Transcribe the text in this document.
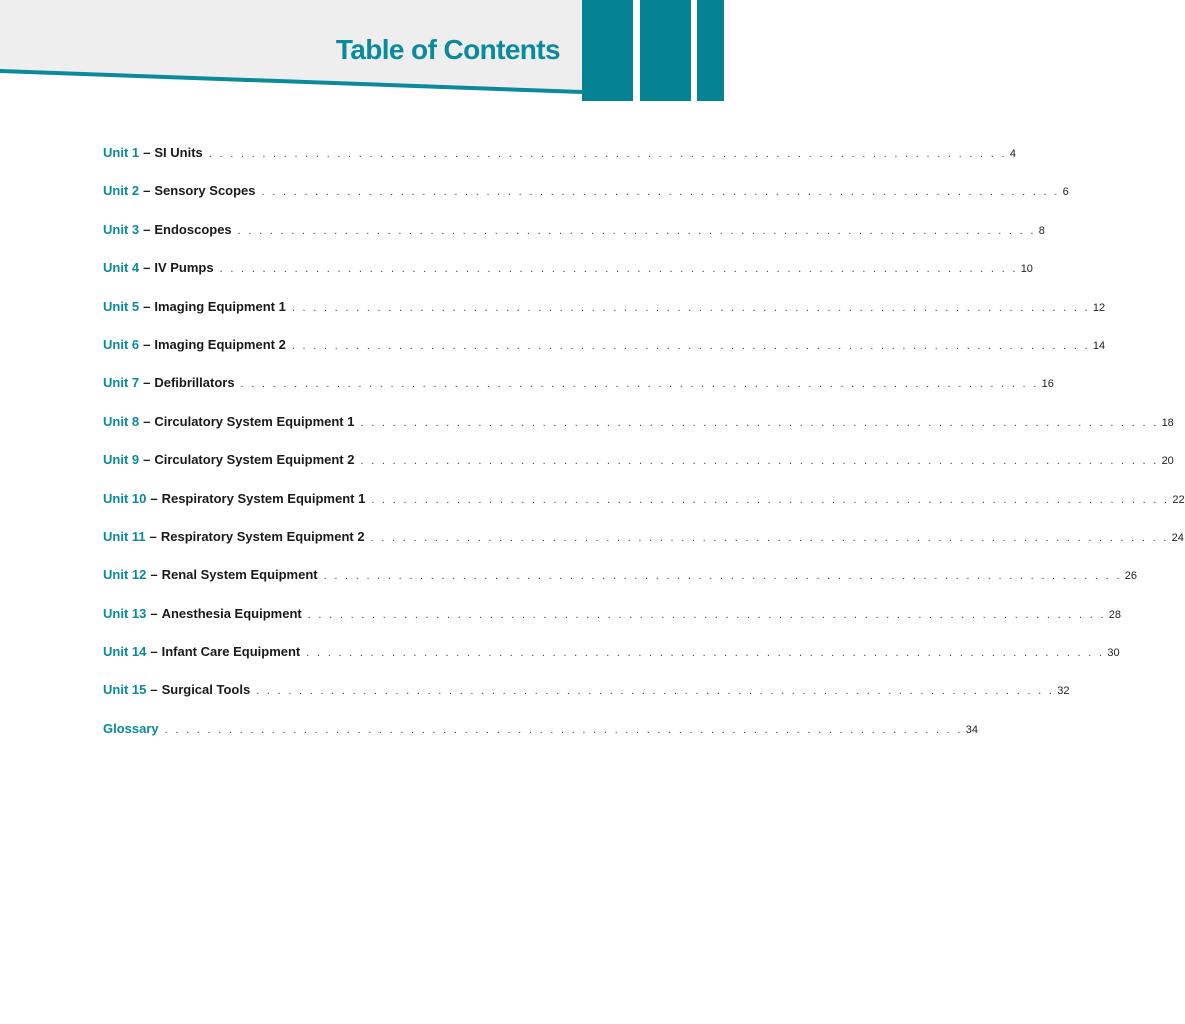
Table of Contents
Unit 1 – SI Units . . . . . . . . . . . . . . . . . . . . . . . . . . . . . . . . . . . . . . . . . . . . . . . . . . . . . . . . . . . . . . . . . . . . . . . . . . . 4
Unit 2 – Sensory Scopes . . . . . . . . . . . . . . . . . . . . . . . . . . . . . . . . . . . . . . . . . . . . . . . . . . . . . . . . . . . . . . . . . . . . . . . . . . . 6
Unit 3 – Endoscopes . . . . . . . . . . . . . . . . . . . . . . . . . . . . . . . . . . . . . . . . . . . . . . . . . . . . . . . . . . . . . . . . . . . . . . . . . . . 8
Unit 4 – IV Pumps . . . . . . . . . . . . . . . . . . . . . . . . . . . . . . . . . . . . . . . . . . . . . . . . . . . . . . . . . . . . . . . . . . . . . . . . . . . 10
Unit 5 – Imaging Equipment 1 . . . . . . . . . . . . . . . . . . . . . . . . . . . . . . . . . . . . . . . . . . . . . . . . . . . . . . . . . . . . . . . . . . . . . . . . . . . 12
Unit 6 – Imaging Equipment 2 . . . . . . . . . . . . . . . . . . . . . . . . . . . . . . . . . . . . . . . . . . . . . . . . . . . . . . . . . . . . . . . . . . . . . . . . . . . 14
Unit 7 – Defibrillators . . . . . . . . . . . . . . . . . . . . . . . . . . . . . . . . . . . . . . . . . . . . . . . . . . . . . . . . . . . . . . . . . . . . . . . . . . . 16
Unit 8 – Circulatory System Equipment 1 . . . . . . . . . . . . . . . . . . . . . . . . . . . . . . . . . . . . . . . . . . . . . . . . . . . . . . . . . . . . . . . . . . . . . . . . . . . 18
Unit 9 – Circulatory System Equipment 2 . . . . . . . . . . . . . . . . . . . . . . . . . . . . . . . . . . . . . . . . . . . . . . . . . . . . . . . . . . . . . . . . . . . . . . . . . . . 20
Unit 10 – Respiratory System Equipment 1 . . . . . . . . . . . . . . . . . . . . . . . . . . . . . . . . . . . . . . . . . . . . . . . . . . . . . . . . . . . . . . . . . . . . . . . . . . . 22
Unit 11 – Respiratory System Equipment 2 . . . . . . . . . . . . . . . . . . . . . . . . . . . . . . . . . . . . . . . . . . . . . . . . . . . . . . . . . . . . . . . . . . . . . . . . . . . 24
Unit 12 – Renal System Equipment . . . . . . . . . . . . . . . . . . . . . . . . . . . . . . . . . . . . . . . . . . . . . . . . . . . . . . . . . . . . . . . . . . . . . . . . . . . 26
Unit 13 – Anesthesia Equipment . . . . . . . . . . . . . . . . . . . . . . . . . . . . . . . . . . . . . . . . . . . . . . . . . . . . . . . . . . . . . . . . . . . . . . . . . . . 28
Unit 14 – Infant Care Equipment . . . . . . . . . . . . . . . . . . . . . . . . . . . . . . . . . . . . . . . . . . . . . . . . . . . . . . . . . . . . . . . . . . . . . . . . . . . 30
Unit 15 – Surgical Tools . . . . . . . . . . . . . . . . . . . . . . . . . . . . . . . . . . . . . . . . . . . . . . . . . . . . . . . . . . . . . . . . . . . . . . . . . . . 32
Glossary . . . . . . . . . . . . . . . . . . . . . . . . . . . . . . . . . . . . . . . . . . . . . . . . . . . . . . . . . . . . . . . . . . . . . . . . . . . 34
